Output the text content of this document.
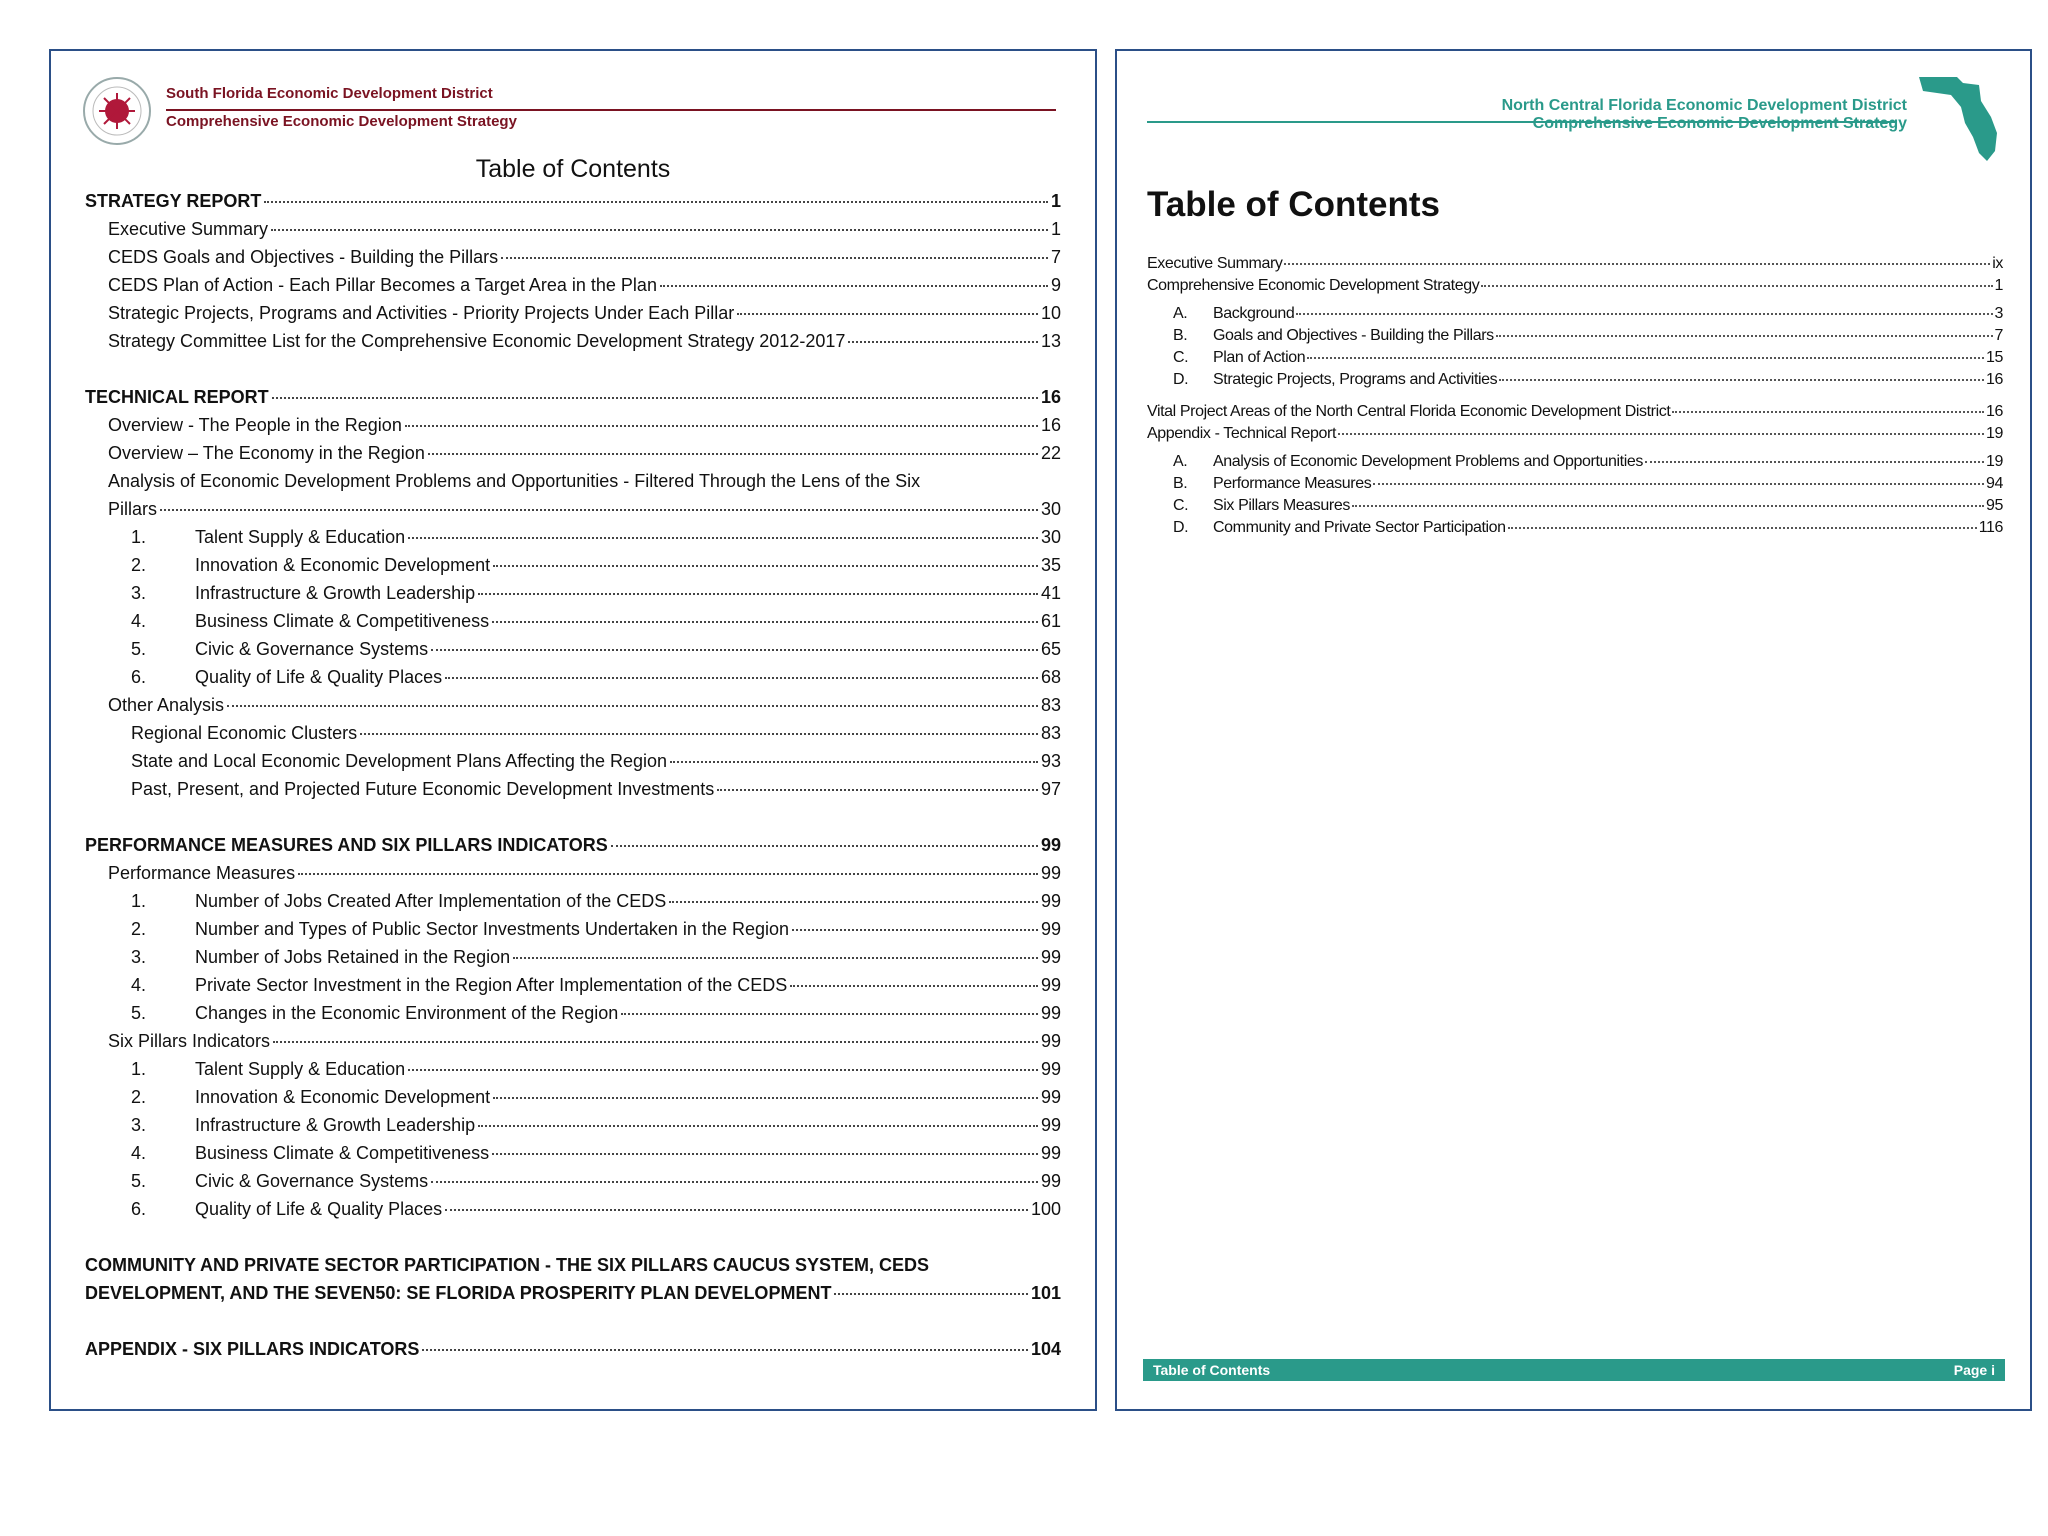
South Florida Economic Development District
Comprehensive Economic Development Strategy
Table of Contents
STRATEGY REPORT	1
Executive Summary	1
CEDS Goals and Objectives - Building the Pillars	7
CEDS Plan of Action - Each Pillar Becomes a Target Area in the Plan	9
Strategic Projects, Programs and Activities - Priority Projects Under Each Pillar	10
Strategy Committee List for the Comprehensive Economic Development Strategy 2012-2017	13
TECHNICAL REPORT	16
Overview - The People in the Region	16
Overview – The Economy in the Region	22
Analysis of Economic Development Problems and Opportunities - Filtered Through the Lens of the Six
Pillars	30
1.	Talent Supply & Education	30
2.	Innovation & Economic Development	35
3.	Infrastructure & Growth Leadership	41
4.	Business Climate & Competitiveness	61
5.	Civic & Governance Systems	65
6.	Quality of Life & Quality Places	68
Other Analysis	83
Regional Economic Clusters	83
State and Local Economic Development Plans Affecting the Region	93
Past, Present, and Projected Future Economic Development Investments	97
PERFORMANCE MEASURES AND SIX PILLARS INDICATORS	99
Performance Measures	99
1.	Number of Jobs Created After Implementation of the CEDS	99
2.	Number and Types of Public Sector Investments Undertaken in the Region	99
3.	Number of Jobs Retained in the Region	99
4.	Private Sector Investment in the Region After Implementation of the CEDS	99
5.	Changes in the Economic Environment of the Region	99
Six Pillars Indicators	99
1.	Talent Supply & Education	99
2.	Innovation & Economic Development	99
3.	Infrastructure & Growth Leadership	99
4.	Business Climate & Competitiveness	99
5.	Civic & Governance Systems	99
6.	Quality of Life & Quality Places	100
COMMUNITY AND PRIVATE SECTOR PARTICIPATION - THE SIX PILLARS CAUCUS SYSTEM, CEDS
DEVELOPMENT, AND THE SEVEN50: SE FLORIDA PROSPERITY PLAN DEVELOPMENT	101
APPENDIX - SIX PILLARS INDICATORS	104
North Central Florida Economic Development District
Comprehensive Economic Development Strategy
Table of Contents
Executive Summary	ix
Comprehensive Economic Development Strategy	1
A.	Background	3
B.	Goals and Objectives - Building the Pillars	7
C.	Plan of Action	15
D.	Strategic Projects, Programs and Activities	16
Vital Project Areas of the North Central Florida Economic Development District	16
Appendix - Technical Report	19
A.	Analysis of Economic Development Problems and Opportunities	19
B.	Performance Measures	94
C.	Six Pillars Measures	95
D.	Community and Private Sector Participation	116
Table of Contents	Page i
